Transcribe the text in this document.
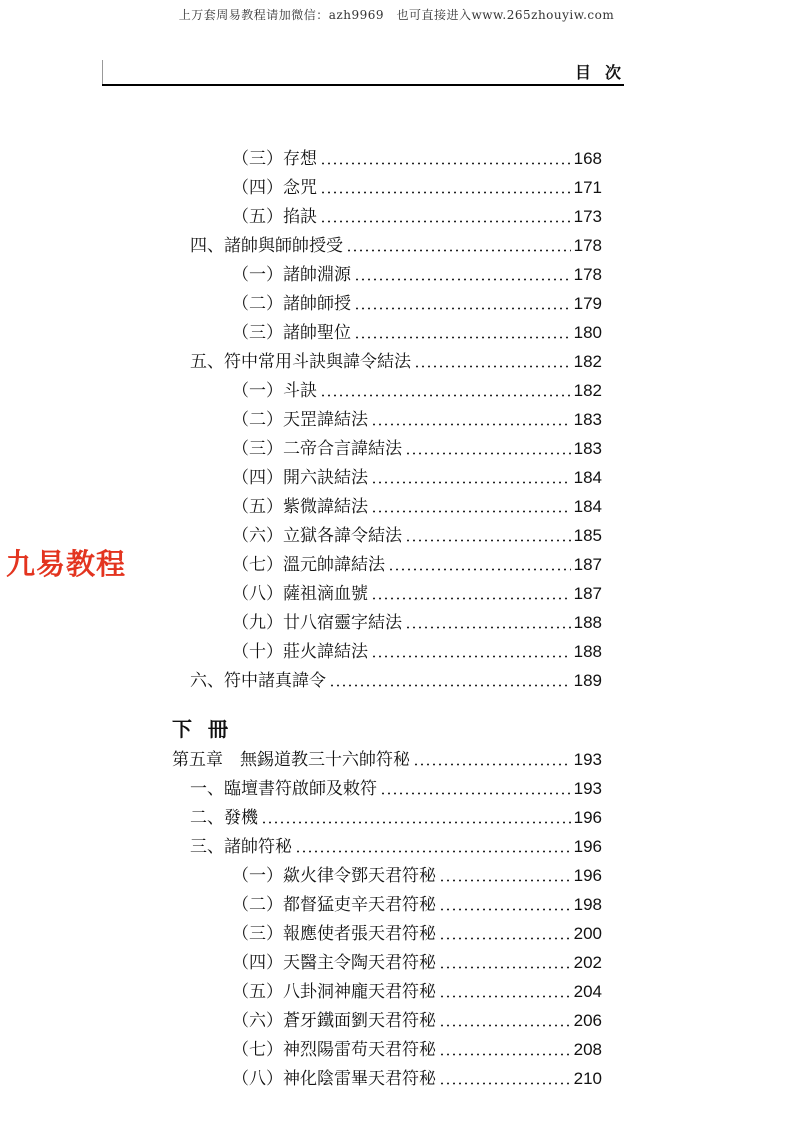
上万套周易教程请加微信：azh9969　也可直接进入www.265zhouyiw.com
目次
九易教程
下冊
（三）存想	168
（四）念咒	171
（五）掐訣	173
四、諸帥與師帥授受	178
（一）諸帥淵源	178
（二）諸帥師授	179
（三）諸帥聖位	180
五、符中常用斗訣與諱令結法	182
（一）斗訣	182
（二）天罡諱結法	183
（三）二帝合言諱結法	183
（四）開六訣結法	184
（五）紫微諱結法	184
（六）立獄各諱令結法	185
（七）溫元帥諱結法	187
（八）薩祖滴血號	187
（九）廿八宿靈字結法	188
（十）莊火諱結法	188
六、符中諸真諱令	189
第五章　無錫道教三十六帥符秘	193
一、臨壇書符啟師及敕符	193
二、發機	196
三、諸帥符秘	196
（一）歘火律令鄧天君符秘	196
（二）都督猛吏辛天君符秘	198
（三）報應使者張天君符秘	200
（四）天醫主令陶天君符秘	202
（五）八卦洞神龐天君符秘	204
（六）蒼牙鐵面劉天君符秘	206
（七）神烈陽雷苟天君符秘	208
（八）神化陰雷畢天君符秘	210
